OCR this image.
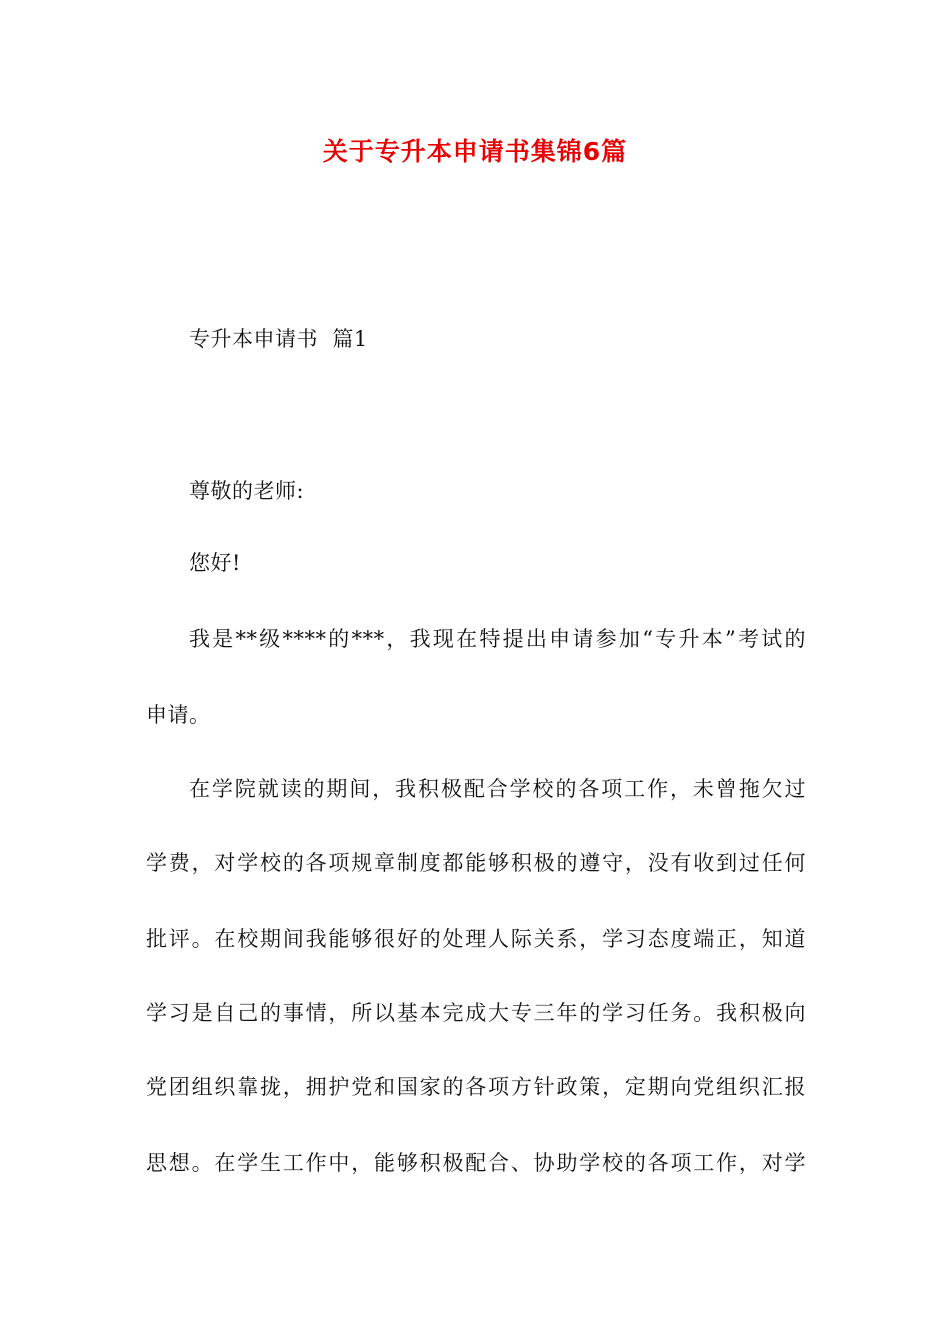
关于专升本申请书集锦6篇

专升本申请书  篇1

尊敬的老师:

您好!

我是**级****的***，我现在特提出申请参加“专升本”考试的

申请。

在学院就读的期间，我积极配合学校的各项工作，未曾拖欠过

学费，对学校的各项规章制度都能够积极的遵守，没有收到过任何

批评。在校期间我能够很好的处理人际关系，学习态度端正，知道

学习是自己的事情，所以基本完成大专三年的学习任务。我积极向

党团组织靠拢，拥护党和国家的各项方针政策，定期向党组织汇报

思想。在学生工作中，能够积极配合、协助学校的各项工作，对学
